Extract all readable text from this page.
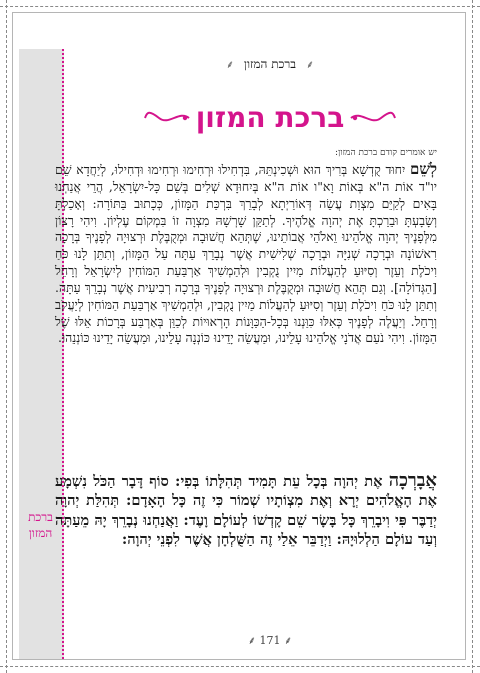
ברכת המזון
⸙ ברכת המזון ⸙
ברכת המזון
יש אומרים קודם ברכת המזון:
לְשֵׁם יִחוּד קֻדְשָׁא בְּרִיךְ הוּא וּשְׁכִינְתֵּהּ, בִּדְחִילוּ וּרְחִימוּ וּרְחִימוּ וּדְחִילוּ, לְיַחֲדָא שֵׁם יו"ד אוֹת ה"א בְּאוֹת וָא"ו אוֹת ה"א בְּיִחוּדָא שְׁלִים בְּשֵׁם כָּל-יִשְׂרָאֵל, הֲרֵי אֲנַחְנוּ בָּאִים לְקַיֵּם מִצְוַת עֲשֵׂה דְּאוֹרַיְתָא לְבָרֵךְ בִּרְכַּת הַמָּזוֹן, כְּכָתוּב בַּתּוֹרָה: וְאָכַלְתָּ וְשָׂבָעְתָּ וּבֵרַכְתָּ אֶת יְהוָה אֱלֹהֶיךָ. לְתַקֵּן שָׁרְשָׁהּ מִצְוָה זוֹ בִּמְקוֹם עֶלְיוֹן. וִיהִי רָצוֹן מִלְּפָנֶיךָ יְהוָה אֱלֹהֵינוּ וֵאלֹהֵי אֲבוֹתֵינוּ, שֶׁתְּהֵא חֲשׁוּבָה וּמְקֻבֶּלֶת וּרְצוּיָה לְפָנֶיךָ בְּרָכָה רִאשׁוֹנָה וּבְרָכָה שְׁנִיָּה וּבְרָכָה שְׁלִישִׁית אֲשֶׁר נְבָרֵךְ עַתָּה עַל הַמָּזוֹן, וְתִתֵּן לָנוּ כֹּחַ וִיכֹלֶת וְעֵזֶר וְסִיּוּעַ לְהַעֲלוֹת מַיִין נֻקְבִין וּלְהַמְשִׁיךְ אַרְבַּעַת הַמּוֹחִין לְיִשְׂרָאֵל וְרָחֵל [הַגְּדוֹלָה]. וְגַם תְּהֵא חֲשׁוּבָה וּמְקֻבֶּלֶת וּרְצוּיָה לְפָנֶיךָ בְּרָכָה רְבִיעִית אֲשֶׁר נְבָרֵךְ עַתָּה. וְתִתֵּן לָנוּ כֹּחַ וִיכֹלֶת וְעֵזֶר וְסִיּוּעַ לְהַעֲלוֹת מַיִין נֻקְבִין, וּלְהַמְשִׁיךְ אַרְבַּעַת הַמּוֹחִין לְיַעֲקֹב וְרָחֵל. וְיַעֲלֶה לְפָנֶיךָ כְּאִלּוּ כִּוַּנְנוּ בְּכָל-הַכַּוָּנוֹת הָרְאוּיוֹת לְכַוֵּן בְּאַרְבַּע בְּרָכוֹת אֵלּוּ שֶׁל הַמָּזוֹן. וִיהִי נֹעַם אֲדֹנָי אֱלֹהֵינוּ עָלֵינוּ, וּמַעֲשֵׂה יָדֵינוּ כּוֹנְנָה עָלֵינוּ, וּמַעֲשֵׂה יָדֵינוּ כּוֹנְנֵהוּ.
אֲבָרְכָה אֶת יְהוָה בְּכָל עֵת תָּמִיד תְּהִלָּתוֹ בְּפִי: סוֹף דָּבָר הַכֹּל נִשְׁמָע אֶת הָאֱלֹהִים יְרָא וְאֶת מִצְוֹתָיו שְׁמוֹר כִּי זֶה כָּל הָאָדָם: תְּהִלַּת יְהוָה יְדַבֶּר פִּי וִיבָרֵךְ כָּל בָּשָׂר שֵׁם קָדְשׁוֹ לְעוֹלָם וָעֶד: וַאֲנַחְנוּ נְבָרֵךְ יָהּ מֵעַתָּה וְעַד עוֹלָם הַלְלוּיָהּ: וַיְדַבֵּר אֵלַי זֶה הַשֻּׁלְחָן אֲשֶׁר לִפְנֵי יְהוָה:
⸙ 171 ⸙
